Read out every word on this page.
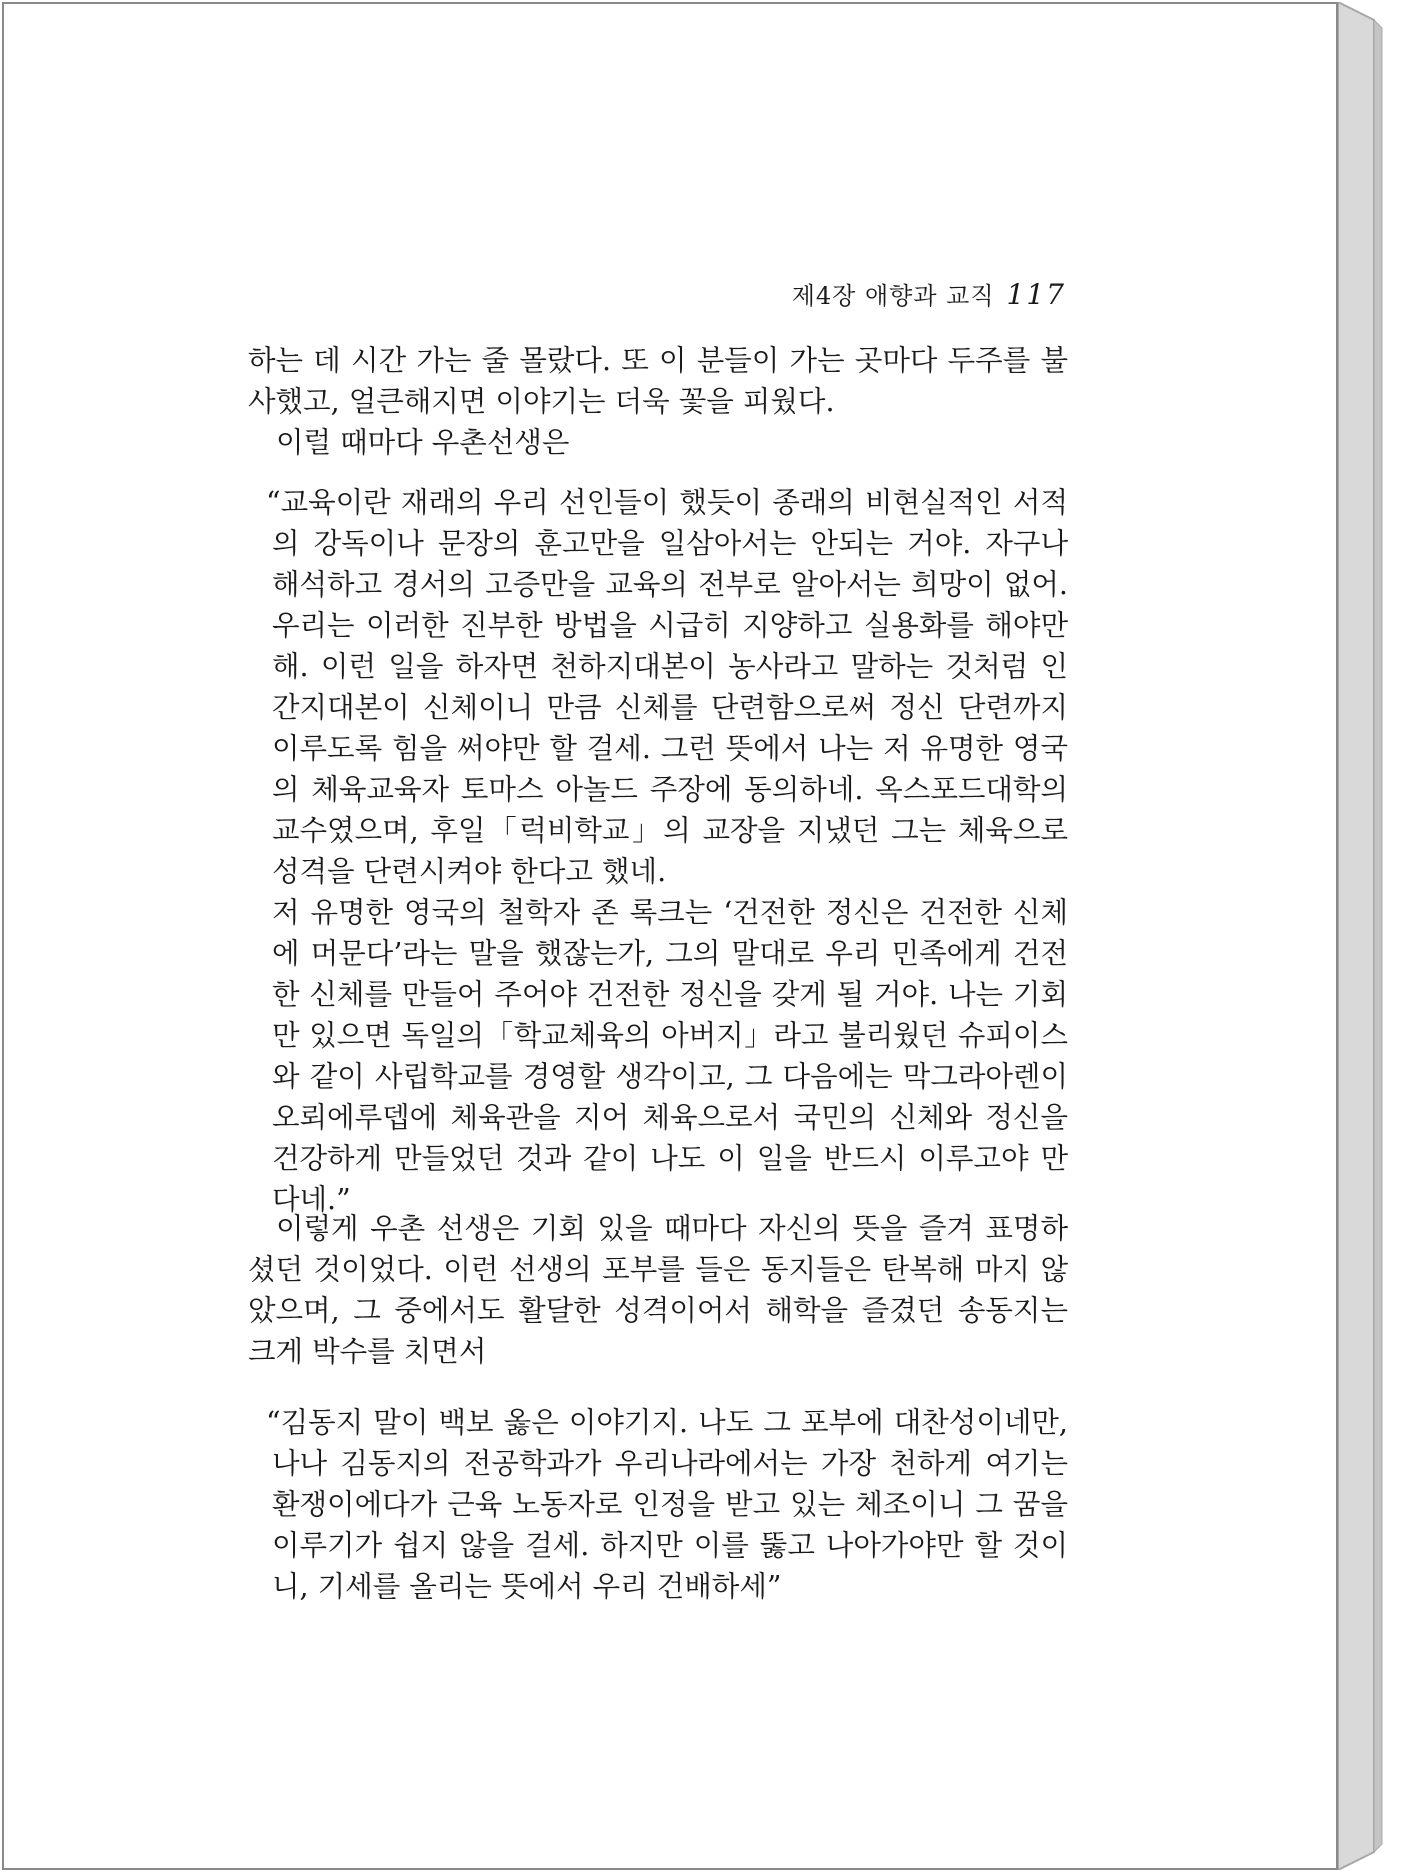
제4장 애향과 교직 117

하는 데 시간 가는 줄 몰랐다. 또 이 분들이 가는 곳마다 두주를 불사했고, 얼큰해지면 이야기는 더욱 꽃을 피웠다.

이럴 때마다 우촌선생은

“교육이란 재래의 우리 선인들이 했듯이 종래의 비현실적인 서적의 강독이나 문장의 훈고만을 일삼아서는 안되는 거야. 자구나 해석하고 경서의 고증만을 교육의 전부로 알아서는 희망이 없어. 우리는 이러한 진부한 방법을 시급히 지양하고 실용화를 해야만 해. 이런 일을 하자면 천하지대본이 농사라고 말하는 것처럼 인간지대본이 신체이니 만큼 신체를 단련함으로써 정신 단련까지 이루도록 힘을 써야만 할 걸세. 그런 뜻에서 나는 저 유명한 영국의 체육교육자 토마스 아놀드 주장에 동의하네. 옥스포드대학의 교수였으며, 후일「럭비학교」의 교장을 지냈던 그는 체육으로 성격을 단련시켜야 한다고 했네.

저 유명한 영국의 철학자 존 록크는 ‘건전한 정신은 건전한 신체에 머문다’라는 말을 했잖는가, 그의 말대로 우리 민족에게 건전한 신체를 만들어 주어야 건전한 정신을 갖게 될 거야. 나는 기회만 있으면 독일의「학교체육의 아버지」라고 불리웠던 슈피이스와 같이 사립학교를 경영할 생각이고, 그 다음에는 막그라아렌이 오뢰에루뎁에 체육관을 지어 체육으로서 국민의 신체와 정신을 건강하게 만들었던 것과 같이 나도 이 일을 반드시 이루고야 만다네.”

이렇게 우촌 선생은 기회 있을 때마다 자신의 뜻을 즐겨 표명하셨던 것이었다. 이런 선생의 포부를 들은 동지들은 탄복해 마지 않았으며, 그 중에서도 활달한 성격이어서 해학을 즐겼던 송동지는 크게 박수를 치면서

“김동지 말이 백보 옳은 이야기지. 나도 그 포부에 대찬성이네만, 나나 김동지의 전공학과가 우리나라에서는 가장 천하게 여기는 환쟁이에다가 근육 노동자로 인정을 받고 있는 체조이니 그 꿈을 이루기가 쉽지 않을 걸세. 하지만 이를 뚫고 나아가야만 할 것이니, 기세를 올리는 뜻에서 우리 건배하세”
